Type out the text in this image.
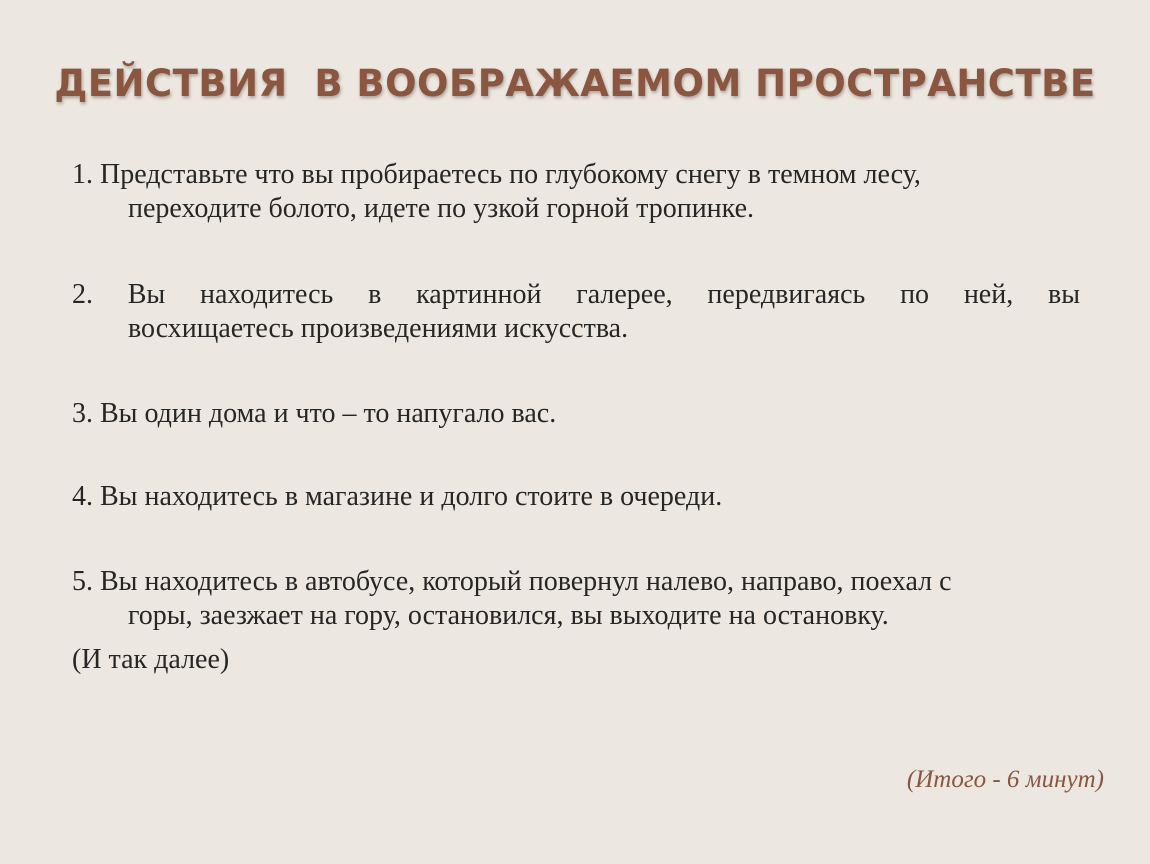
ДЕЙСТВИЯ  В ВООБРАЖАЕМОМ ПРОСТРАНСТВЕ
1. Представьте что вы пробираетесь по глубокому снегу в темном лесу,
переходите болото, идете по узкой горной тропинке.
2. Вы находитесь в картинной галерее, передвигаясь по ней, вы
восхищаетесь произведениями искусства.
3. Вы один дома и что – то напугало вас.
4. Вы находитесь в магазине и долго стоите в очереди.
5. Вы находитесь в автобусе, который повернул налево, направо, поехал с
горы, заезжает на гору, остановился, вы выходите на остановку.
(И так далее)
(Итого - 6 минут)
